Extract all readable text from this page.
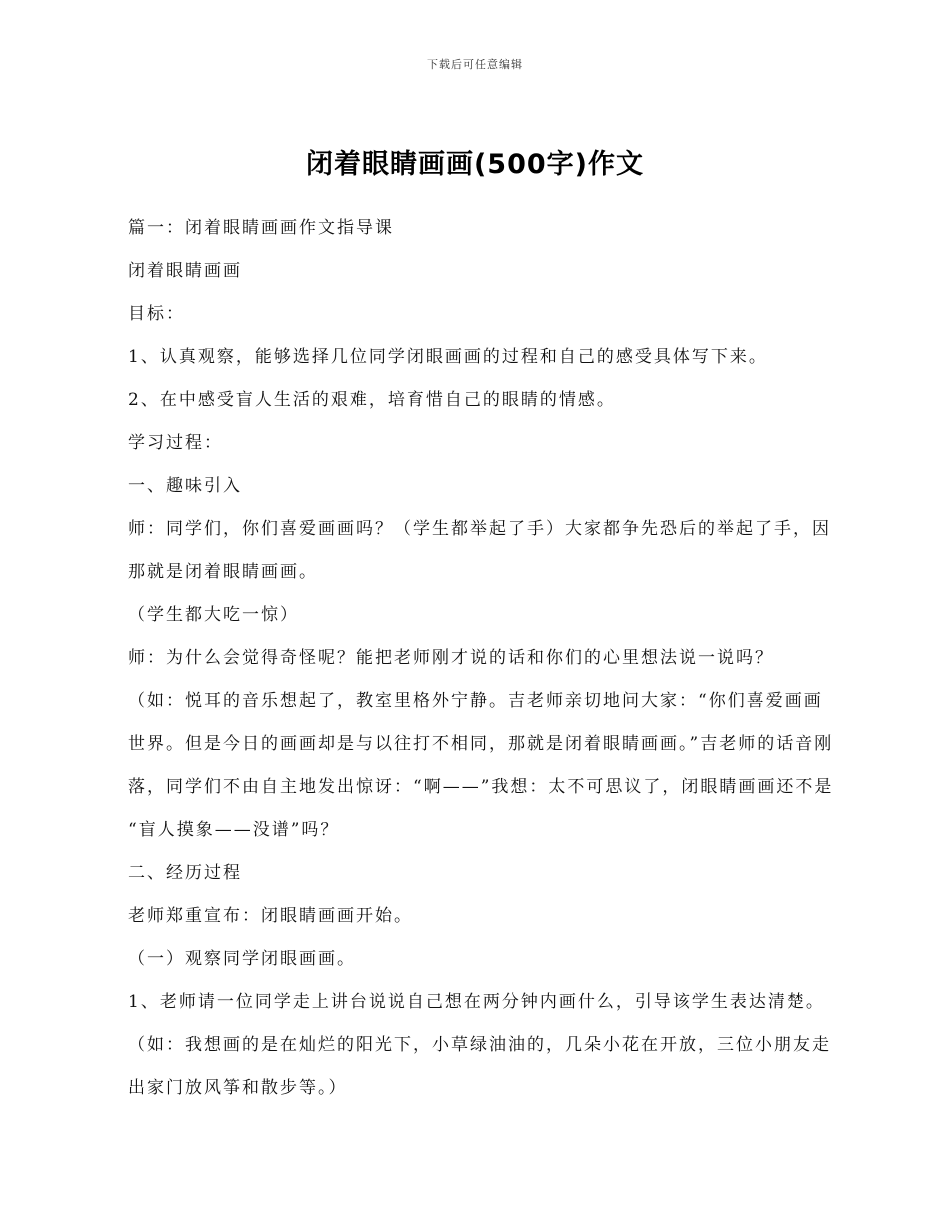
下载后可任意编辑
闭着眼睛画画(500字)作文

篇一：闭着眼睛画画作文指导课

闭着眼睛画画

目标：

1、认真观察，能够选择几位同学闭眼画画的过程和自己的感受具体写下来。

2、在中感受盲人生活的艰难，培育惜自己的眼睛的情感。

学习过程：

一、趣味引入

师：同学们，你们喜爱画画吗？（学生都举起了手）大家都争先恐后的举起了手，因

那就是闭着眼睛画画。

（学生都大吃一惊）

师：为什么会觉得奇怪呢？能把老师刚才说的话和你们的心里想法说一说吗？

（如：悦耳的音乐想起了，教室里格外宁静。吉老师亲切地问大家：“你们喜爱画画

世界。但是今日的画画却是与以往打不相同，那就是闭着眼睛画画。”吉老师的话音刚

落，同学们不由自主地发出惊讶：“啊——”我想：太不可思议了，闭眼睛画画还不是

“盲人摸象——没谱”吗？

二、经历过程

老师郑重宣布：闭眼睛画画开始。

（一）观察同学闭眼画画。

1、老师请一位同学走上讲台说说自己想在两分钟内画什么，引导该学生表达清楚。

（如：我想画的是在灿烂的阳光下，小草绿油油的，几朵小花在开放，三位小朋友走

出家门放风筝和散步等。）
